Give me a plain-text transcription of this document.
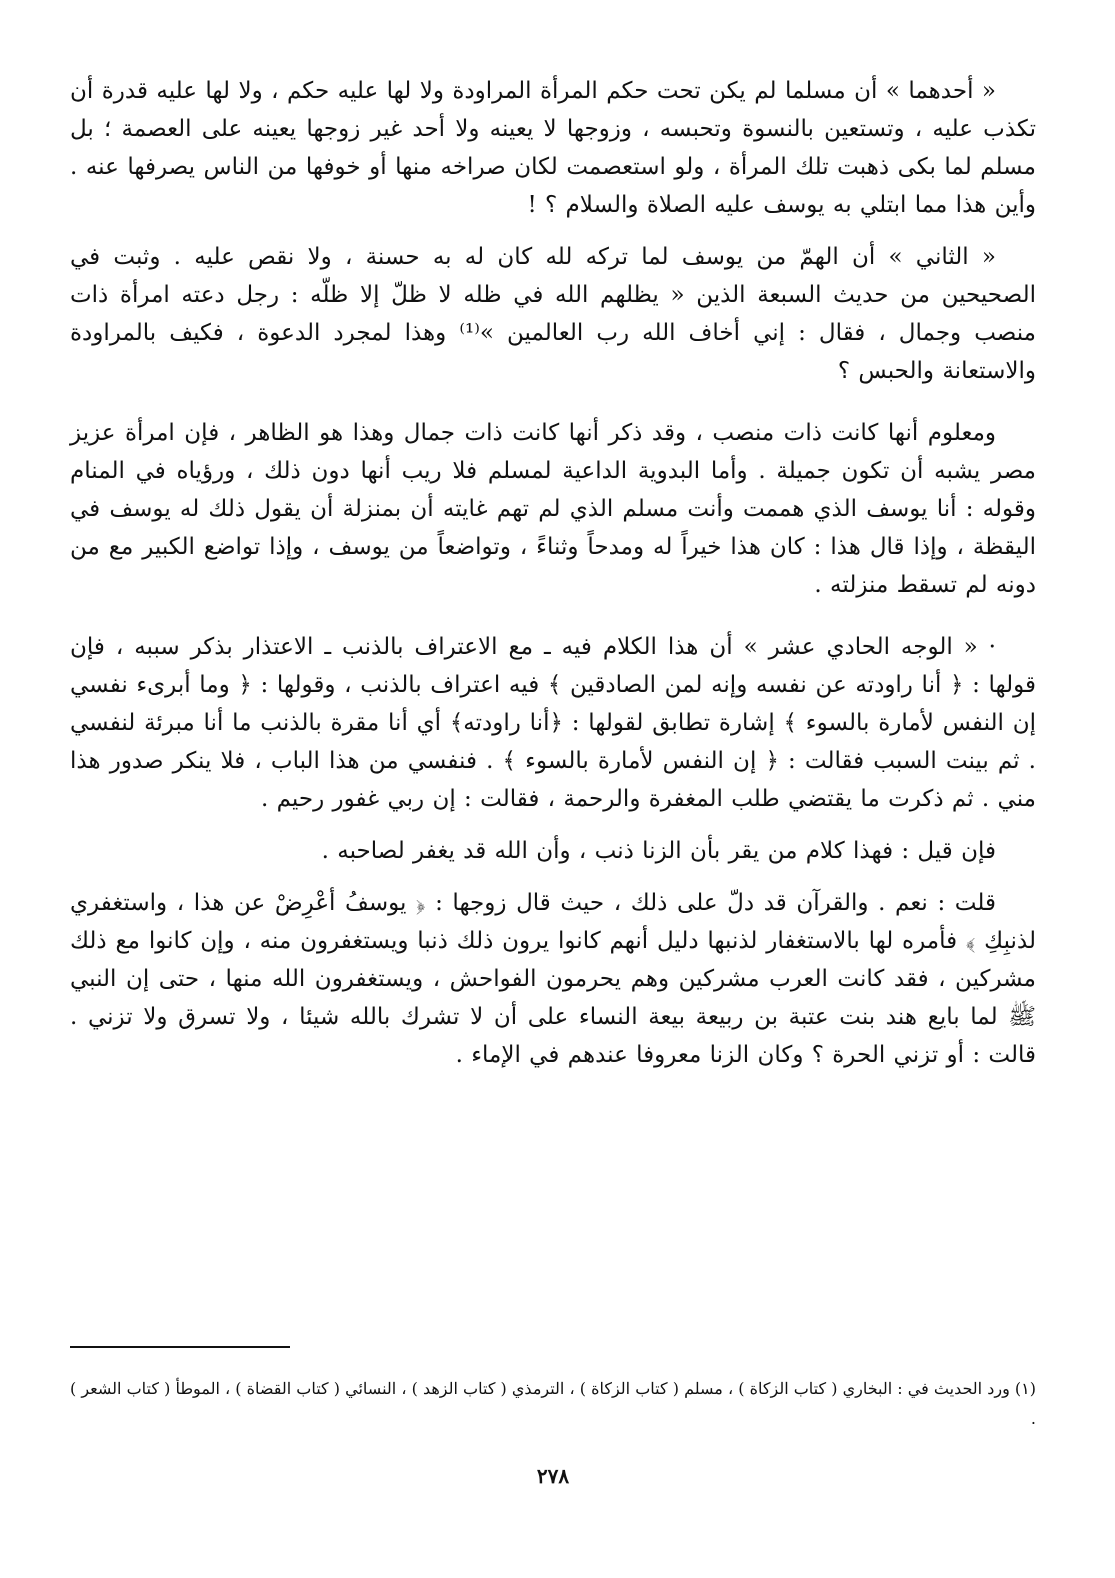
« أحدهما » أن مسلما لم يكن تحت حكم المرأة المراودة ولا لها عليه حكم ، ولا لها عليه قدرة أن تكذب عليه ، وتستعين بالنسوة وتحبسه ، وزوجها لا يعينه ولا أحد غير زوجها يعينه على العصمة ؛ بل مسلم لما بكى ذهبت تلك المرأة ، ولو استعصمت لكان صراخه منها أو خوفها من الناس يصرفها عنه . وأين هذا مما ابتلي به يوسف عليه الصلاة والسلام ؟ !

« الثاني » أن الهمّ من يوسف لما تركه لله كان له به حسنة ، ولا نقص عليه . وثبت في الصحيحين من حديث السبعة الذين « يظلهم الله في ظله لا ظلّ إلا ظلّه : رجل دعته امرأة ذات منصب وجمال ، فقال : إني أخاف الله رب العالمين »⁽¹⁾ وهذا لمجرد الدعوة ، فكيف بالمراودة والاستعانة والحبس ؟

ومعلوم أنها كانت ذات منصب ، وقد ذكر أنها كانت ذات جمال وهذا هو الظاهر ، فإن امرأة عزيز مصر يشبه أن تكون جميلة . وأما البدوية الداعية لمسلم فلا ريب أنها دون ذلك ، ورؤياه في المنام وقوله : أنا يوسف الذي هممت وأنت مسلم الذي لم تهم غايته أن بمنزلة أن يقول ذلك له يوسف في اليقظة ، وإذا قال هذا : كان هذا خيراً له ومدحاً وثناءً ، وتواضعاً من يوسف ، وإذا تواضع الكبير مع من دونه لم تسقط منزلته .

· « الوجه الحادي عشر » أن هذا الكلام فيه ـ مع الاعتراف بالذنب ـ الاعتذار بذكر سببه ، فإن قولها : ﴿ أنا راودته عن نفسه وإنه لمن الصادقين ﴾ فيه اعتراف بالذنب ، وقولها : ﴿ وما أبرىء نفسي إن النفس لأمارة بالسوء ﴾ إشارة تطابق لقولها : ﴿أنا راودته﴾ أي أنا مقرة بالذنب ما أنا مبرئة لنفسي . ثم بينت السبب فقالت : ﴿ إن النفس لأمارة بالسوء ﴾ . فنفسي من هذا الباب ، فلا ينكر صدور هذا مني . ثم ذكرت ما يقتضي طلب المغفرة والرحمة ، فقالت : إن ربي غفور رحيم .

فإن قيل : فهذا كلام من يقر بأن الزنا ذنب ، وأن الله قد يغفر لصاحبه .

قلت : نعم . والقرآن قد دلّ على ذلك ، حيث قال زوجها : ﴿ يوسفُ أعْرِضْ عن هذا ، واستغفري لذنبِكِ ﴾ فأمره لها بالاستغفار لذنبها دليل أنهم كانوا يرون ذلك ذنبا ويستغفرون منه ، وإن كانوا مع ذلك مشركين ، فقد كانت العرب مشركين وهم يحرمون الفواحش ، ويستغفرون الله منها ، حتى إن النبي ﷺ لما بايع هند بنت عتبة بن ربيعة بيعة النساء على أن لا تشرك بالله شيئا ، ولا تسرق ولا تزني . قالت : أو تزني الحرة ؟ وكان الزنا معروفا عندهم في الإماء .

(١) ورد الحديث في : البخاري ( كتاب الزكاة ) ، مسلم ( كتاب الزكاة ) ، الترمذي ( كتاب الزهد ) ، النسائي ( كتاب القضاة ) ، الموطأ ( كتاب الشعر ) .

٢٧٨
